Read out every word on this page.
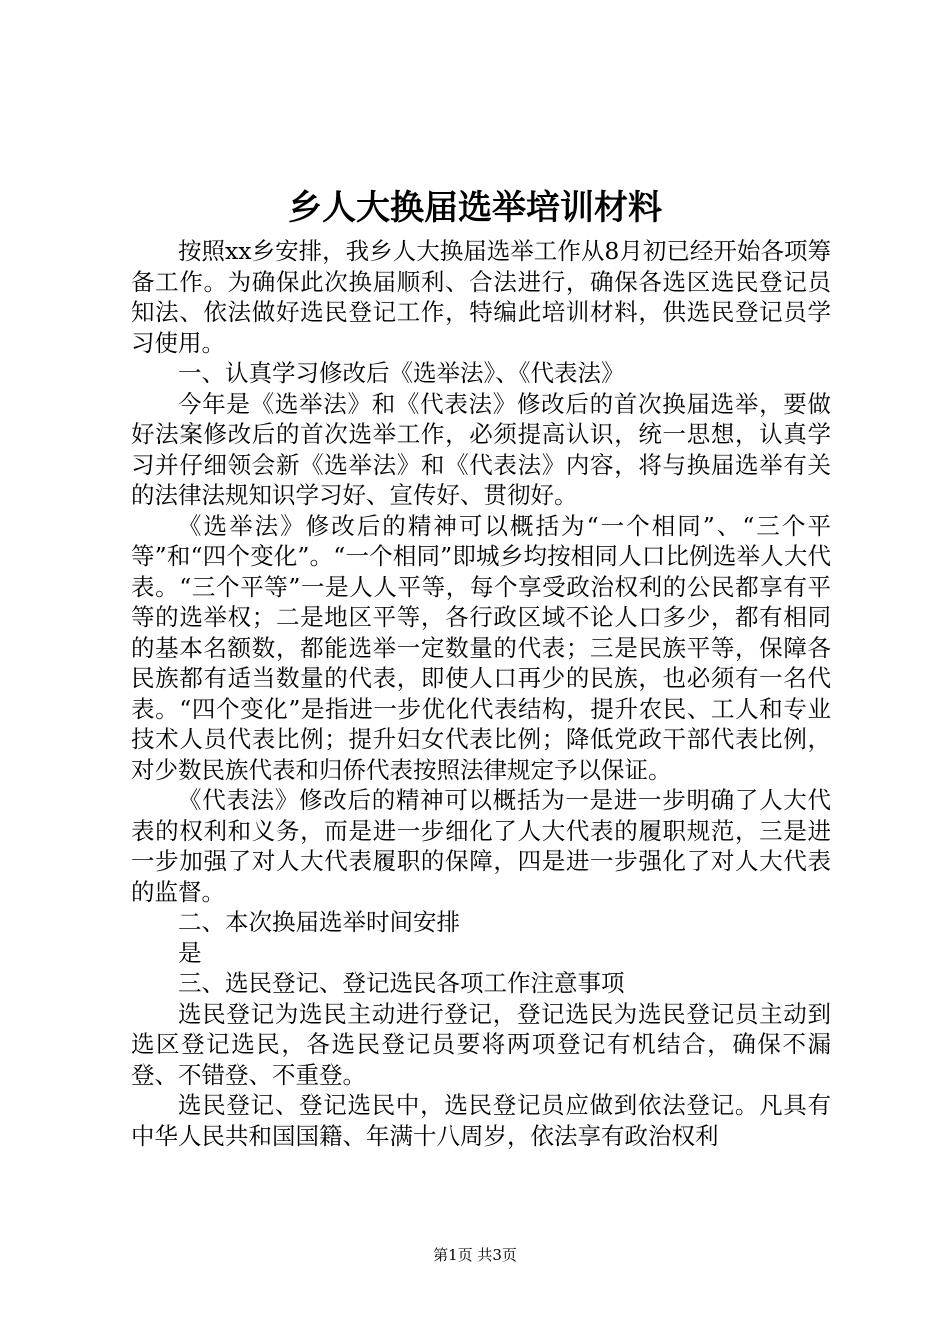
乡人大换届选举培训材料

按照xx乡安排，我乡人大换届选举工作从8月初已经开始各项筹备工作。为确保此次换届顺利、合法进行，确保各选区选民登记员知法、依法做好选民登记工作，特编此培训材料，供选民登记员学习使用。

一、认真学习修改后《选举法》、《代表法》

今年是《选举法》和《代表法》修改后的首次换届选举，要做好法案修改后的首次选举工作，必须提高认识，统一思想，认真学习并仔细领会新《选举法》和《代表法》内容，将与换届选举有关的法律法规知识学习好、宣传好、贯彻好。

《选举法》修改后的精神可以概括为“一个相同”、“三个平等”和“四个变化”。“一个相同”即城乡均按相同人口比例选举人大代表。“三个平等”一是人人平等，每个享受政治权利的公民都享有平等的选举权；二是地区平等，各行政区域不论人口多少，都有相同的基本名额数，都能选举一定数量的代表；三是民族平等，保障各民族都有适当数量的代表，即使人口再少的民族，也必须有一名代表。“四个变化”是指进一步优化代表结构，提升农民、工人和专业技术人员代表比例；提升妇女代表比例；降低党政干部代表比例，对少数民族代表和归侨代表按照法律规定予以保证。

《代表法》修改后的精神可以概括为一是进一步明确了人大代表的权利和义务，而是进一步细化了人大代表的履职规范，三是进一步加强了对人大代表履职的保障，四是进一步强化了对人大代表的监督。

二、本次换届选举时间安排

是

三、选民登记、登记选民各项工作注意事项

选民登记为选民主动进行登记，登记选民为选民登记员主动到选区登记选民，各选民登记员要将两项登记有机结合，确保不漏登、不错登、不重登。

选民登记、登记选民中，选民登记员应做到依法登记。凡具有中华人民共和国国籍、年满十八周岁，依法享有政治权利

第1页 共3页
